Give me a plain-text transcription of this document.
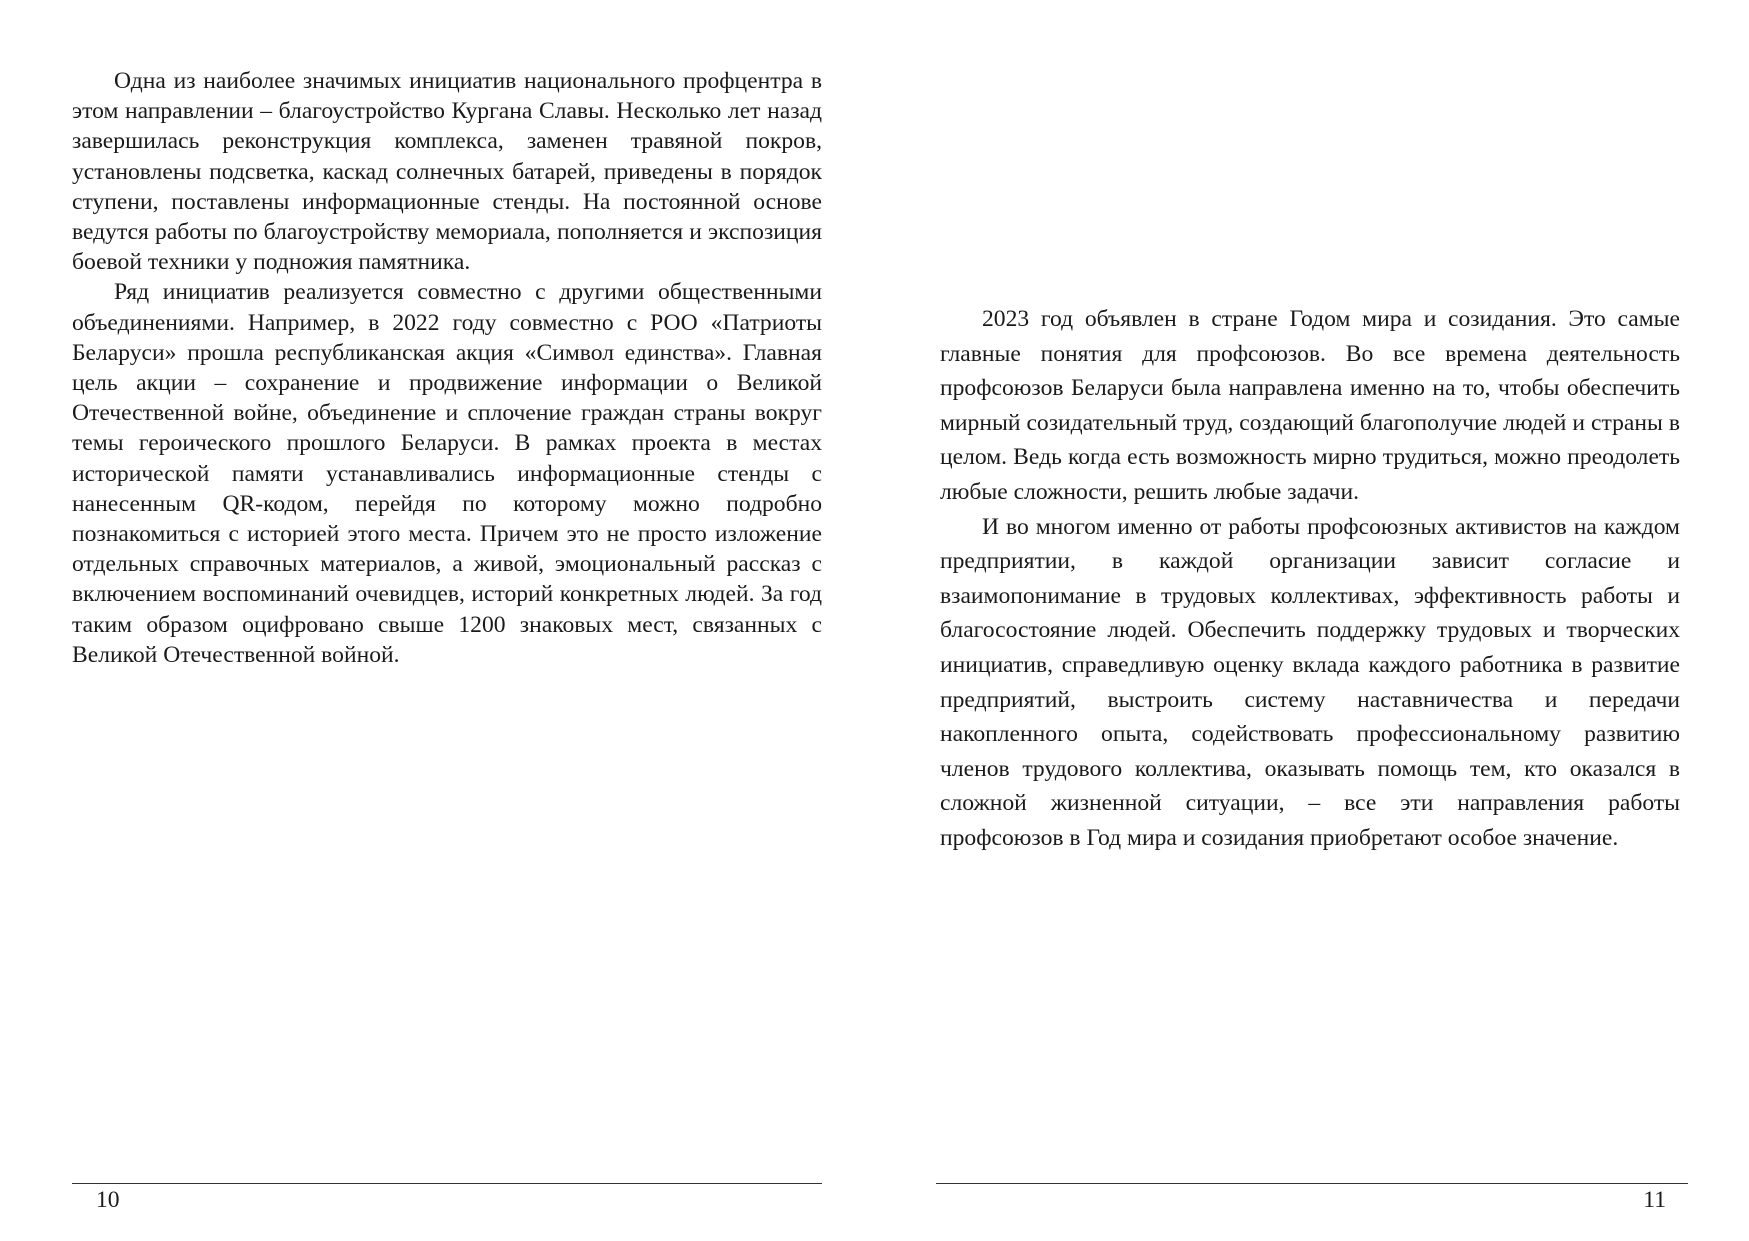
Одна из наиболее значимых инициатив национального профцентра в этом направлении – благоустройство Кургана Славы. Несколько лет назад завершилась реконструкция комплекса, заменен травяной покров, установлены подсветка, каскад солнечных батарей, приведены в порядок ступени, поставлены информационные стенды. На постоянной основе ведутся работы по благоустройству мемориала, пополняется и экспозиция боевой техники у подножия памятника.

Ряд инициатив реализуется совместно с другими общественными объединениями. Например, в 2022 году совместно с РОО «Патриоты Беларуси» прошла республиканская акция «Символ единства». Главная цель акции – сохранение и продвижение информации о Великой Отечественной войне, объединение и сплочение граждан страны вокруг темы героического прошлого Беларуси. В рамках проекта в местах исторической памяти устанавливались информационные стенды с нанесенным QR-кодом, перейдя по которому можно подробно познакомиться с историей этого места. Причем это не просто изложение отдельных справочных материалов, а живой, эмоциональный рассказ с включением воспоминаний очевидцев, историй конкретных людей. За год таким образом оцифровано свыше 1200 знаковых мест, связанных с Великой Отечественной войной.

10

2023 год объявлен в стране Годом мира и созидания. Это самые главные понятия для профсоюзов. Во все времена деятельность профсоюзов Беларуси была направлена именно на то, чтобы обеспечить мирный созидательный труд, создающий благополучие людей и страны в целом. Ведь когда есть возможность мирно трудиться, можно преодолеть любые сложности, решить любые задачи.

И во многом именно от работы профсоюзных активистов на каждом предприятии, в каждой организации зависит согласие и взаимопонимание в трудовых коллективах, эффективность работы и благосостояние людей. Обеспечить поддержку трудовых и творческих инициатив, справедливую оценку вклада каждого работника в развитие предприятий, выстроить систему наставничества и передачи накопленного опыта, содействовать профессиональному развитию членов трудового коллектива, оказывать помощь тем, кто оказался в сложной жизненной ситуации, – все эти направления работы профсоюзов в Год мира и созидания приобретают особое значение.

11
